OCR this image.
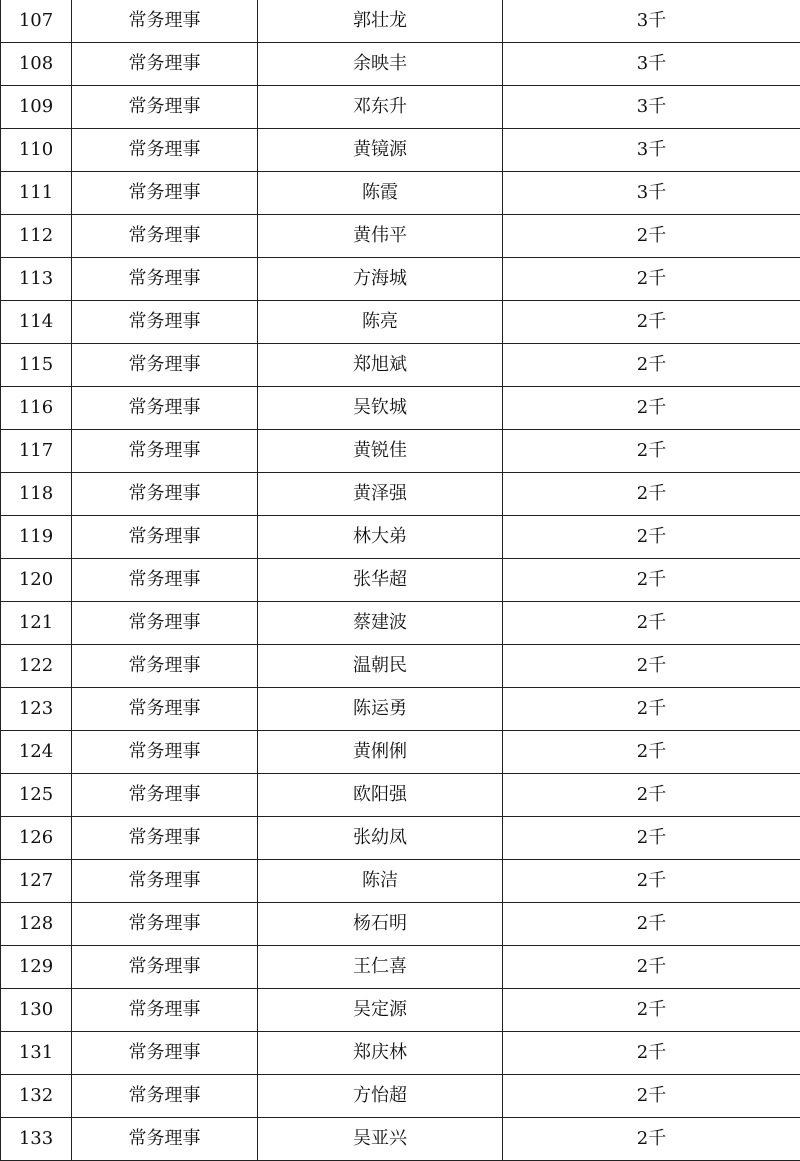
107	常务理事	郭壮龙	3千
108	常务理事	余映丰	3千
109	常务理事	邓东升	3千
110	常务理事	黄镜源	3千
111	常务理事	陈霞	3千
112	常务理事	黄伟平	2千
113	常务理事	方海城	2千
114	常务理事	陈亮	2千
115	常务理事	郑旭斌	2千
116	常务理事	吴钦城	2千
117	常务理事	黄锐佳	2千
118	常务理事	黄泽强	2千
119	常务理事	林大弟	2千
120	常务理事	张华超	2千
121	常务理事	蔡建波	2千
122	常务理事	温朝民	2千
123	常务理事	陈运勇	2千
124	常务理事	黄俐俐	2千
125	常务理事	欧阳强	2千
126	常务理事	张幼凤	2千
127	常务理事	陈洁	2千
128	常务理事	杨石明	2千
129	常务理事	王仁喜	2千
130	常务理事	吴定源	2千
131	常务理事	郑庆林	2千
132	常务理事	方怡超	2千
133	常务理事	吴亚兴	2千
